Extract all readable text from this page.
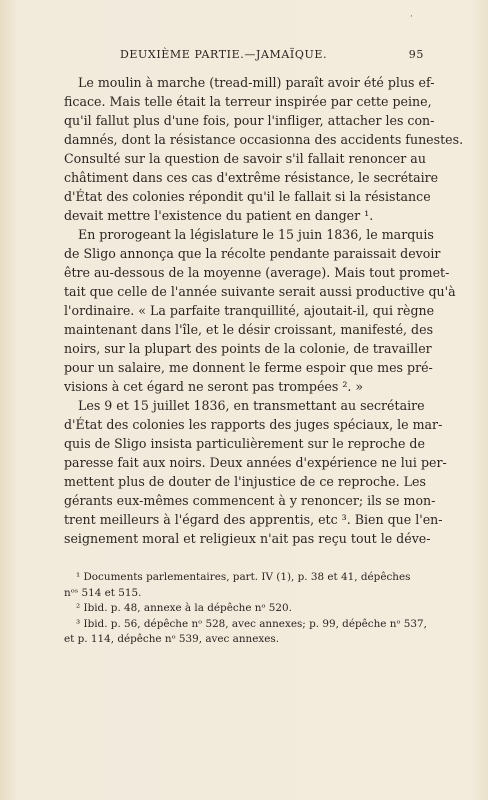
DEUXIÈME PARTIE.—JAMAÏQUE.	95
Le moulin à marche (tread-mill) paraît avoir été plus ef-
ficace. Mais telle était la terreur inspirée par cette peine,
qu'il fallut plus d'une fois, pour l'infliger, attacher les con-
damnés, dont la résistance occasionna des accidents funestes.
Consulté sur la question de savoir s'il fallait renoncer au
châtiment dans ces cas d'extrême résistance, le secrétaire
d'État des colonies répondit qu'il le fallait si la résistance
devait mettre l'existence du patient en danger ¹.
En prorogeant la législature le 15 juin 1836, le marquis
de Sligo annonça que la récolte pendante paraissait devoir
être au-dessous de la moyenne (average). Mais tout promet-
tait que celle de l'année suivante serait aussi productive qu'à
l'ordinaire. « La parfaite tranquillité, ajoutait-il, qui règne
maintenant dans l'île, et le désir croissant, manifesté, des
noirs, sur la plupart des points de la colonie, de travailler
pour un salaire, me donnent le ferme espoir que mes pré-
visions à cet égard ne seront pas trompées ². »
Les 9 et 15 juillet 1836, en transmettant au secrétaire
d'État des colonies les rapports des juges spéciaux, le mar-
quis de Sligo insista particulièrement sur le reproche de
paresse fait aux noirs. Deux années d'expérience ne lui per-
mettent plus de douter de l'injustice de ce reproche. Les
gérants eux-mêmes commencent à y renoncer; ils se mon-
trent meilleurs à l'égard des apprentis, etc ³. Bien que l'en-
seignement moral et religieux n'ait pas reçu tout le déve-
¹ Documents parlementaires, part. IV (1), p. 38 et 41, dépêches
nᵒˢ 514 et 515.
² Ibid. p. 48, annexe à la dépêche nᵒ 520.
³ Ibid. p. 56, dépêche nᵒ 528, avec annexes; p. 99, dépêche nᵒ 537,
et p. 114, dépêche nᵒ 539, avec annexes.
·
